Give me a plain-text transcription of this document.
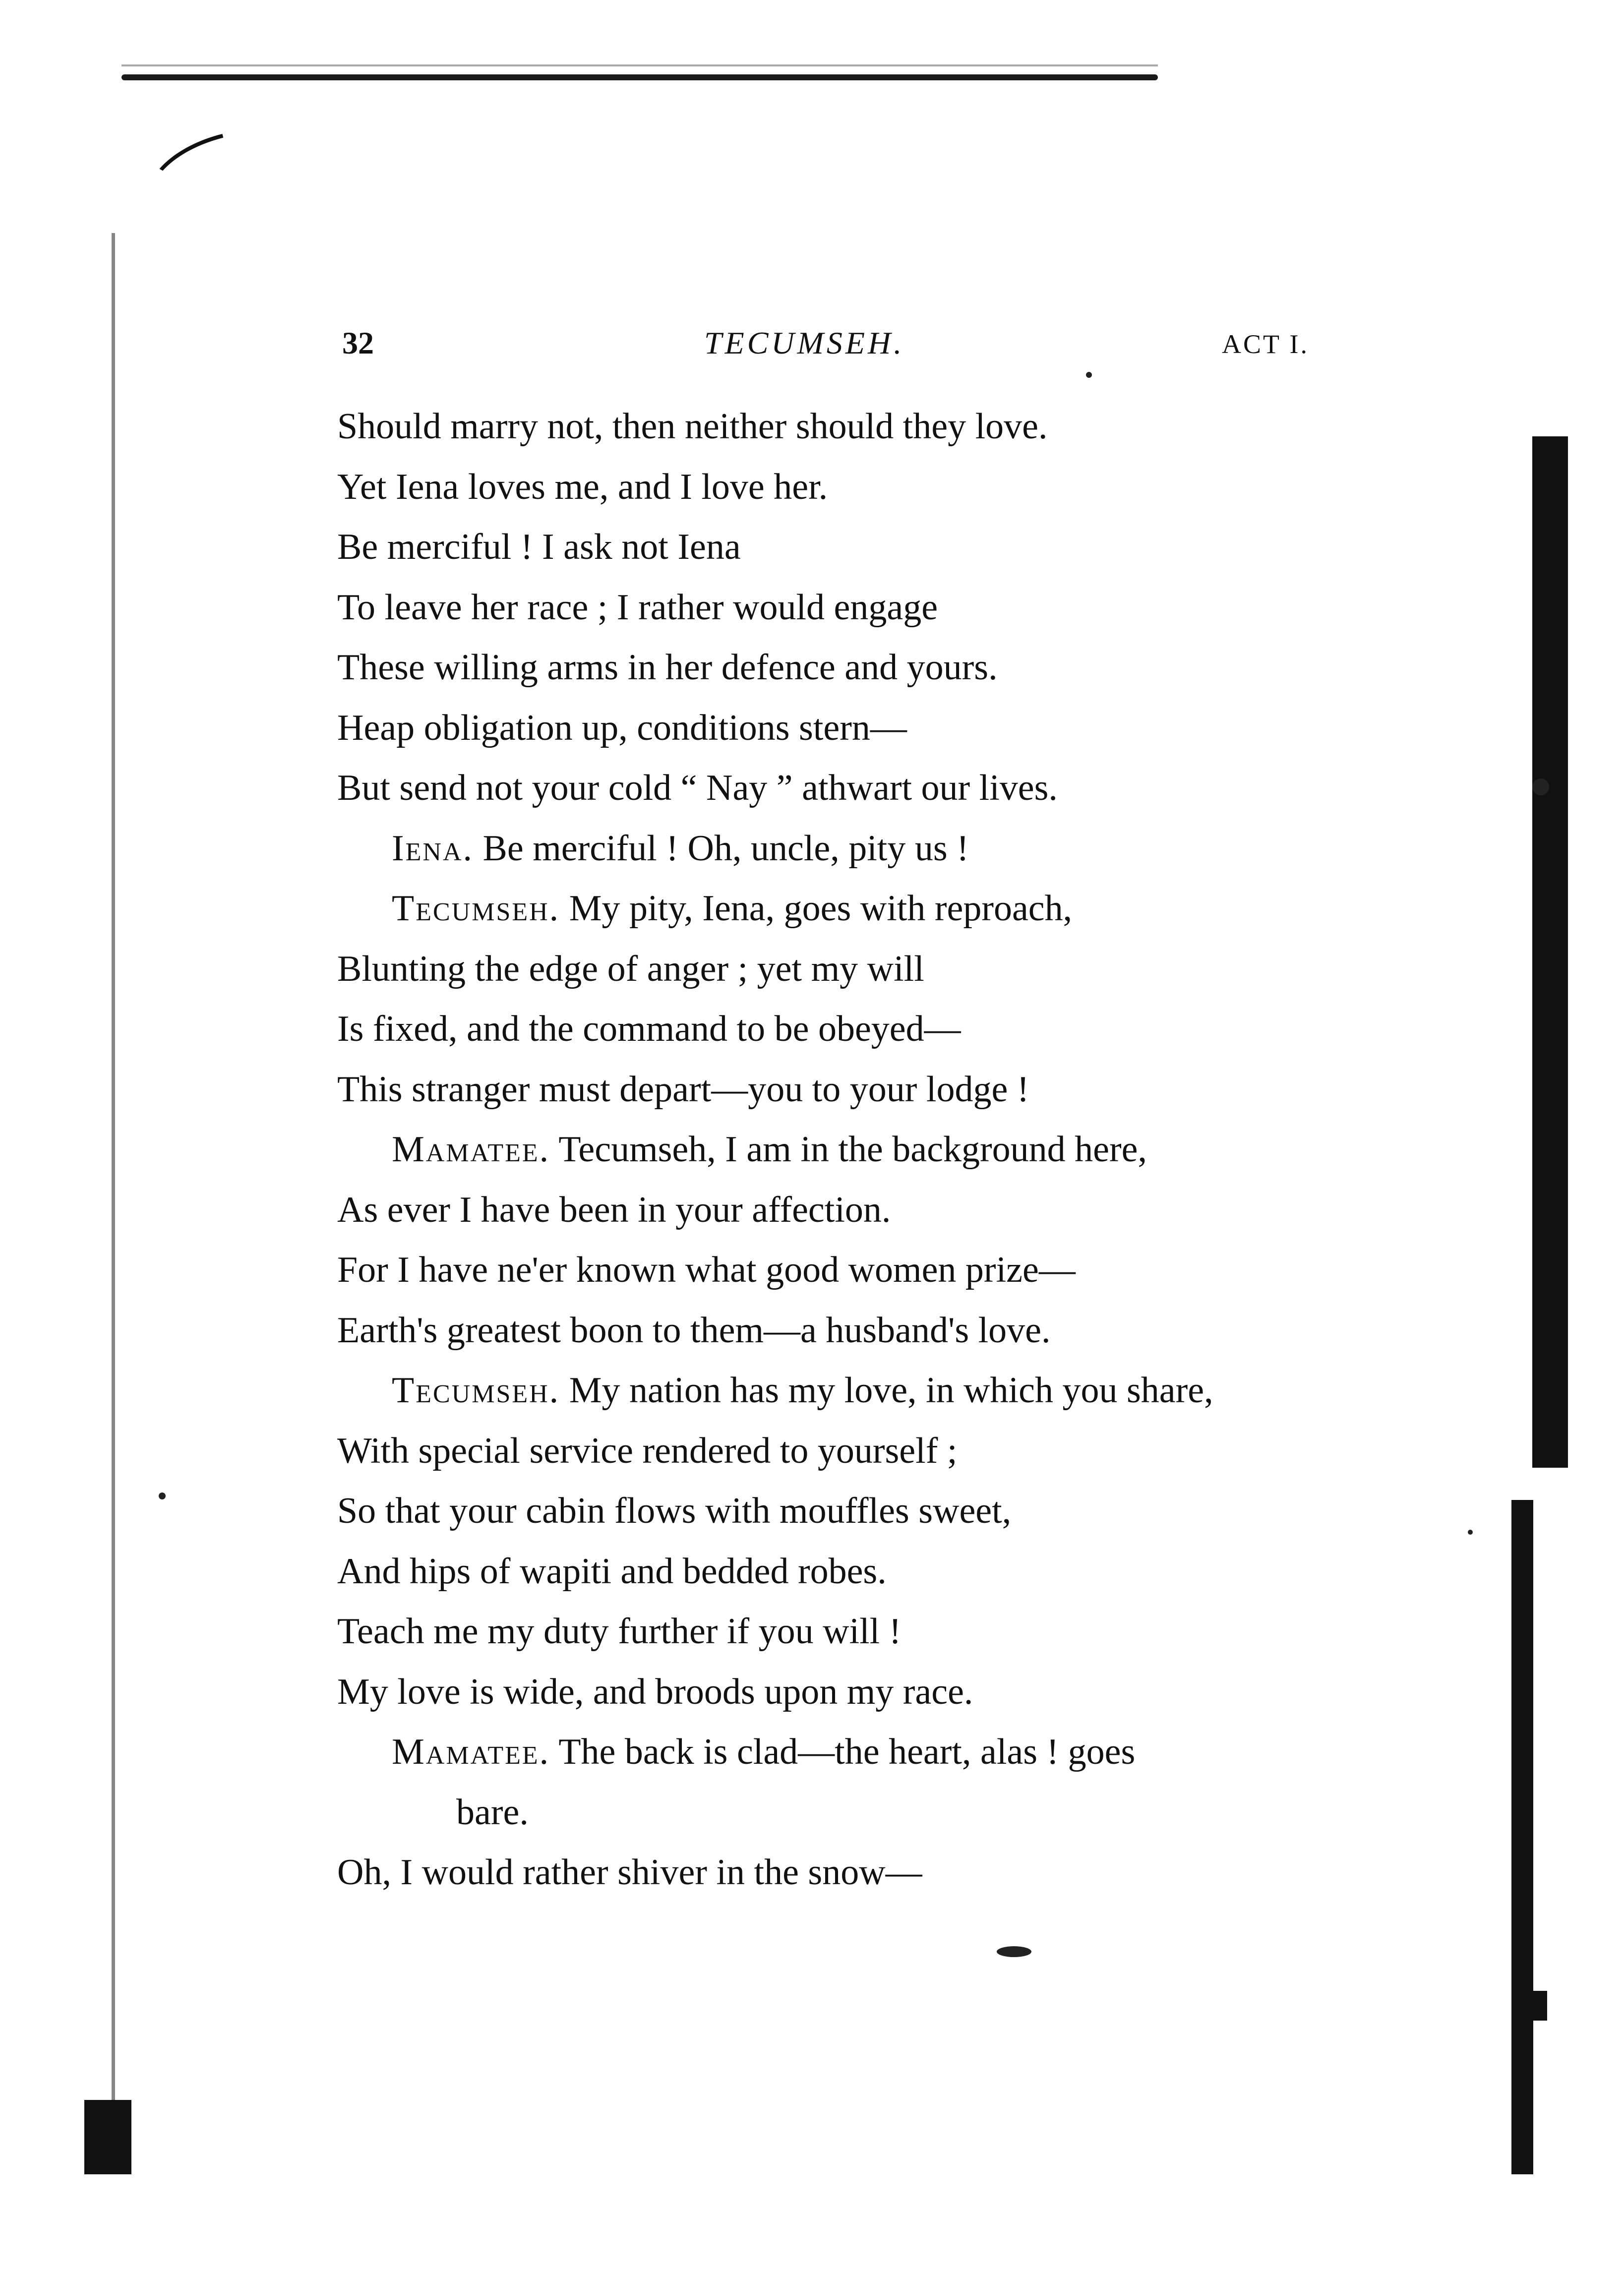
32	TECUMSEH.	ACT I.
Should marry not, then neither should they love.
Yet Iena loves me, and I love her.
Be merciful ! I ask not Iena
To leave her race ; I rather would engage
These willing arms in her defence and yours.
Heap obligation up, conditions stern—
But send not your cold “ Nay ” athwart our lives.
Iena. Be merciful ! Oh, uncle, pity us !
Tecumseh. My pity, Iena, goes with reproach,
Blunting the edge of anger ; yet my will
Is fixed, and the command to be obeyed—
This stranger must depart—you to your lodge !
Mamatee. Tecumseh, I am in the background here,
As ever I have been in your affection.
For I have ne'er known what good women prize—
Earth's greatest boon to them—a husband's love.
Tecumseh. My nation has my love, in which you share,
With special service rendered to yourself ;
So that your cabin flows with mouffles sweet,
And hips of wapiti and bedded robes.
Teach me my duty further if you will !
My love is wide, and broods upon my race.
Mamatee. The back is clad—the heart, alas ! goes
bare.
Oh, I would rather shiver in the snow—
